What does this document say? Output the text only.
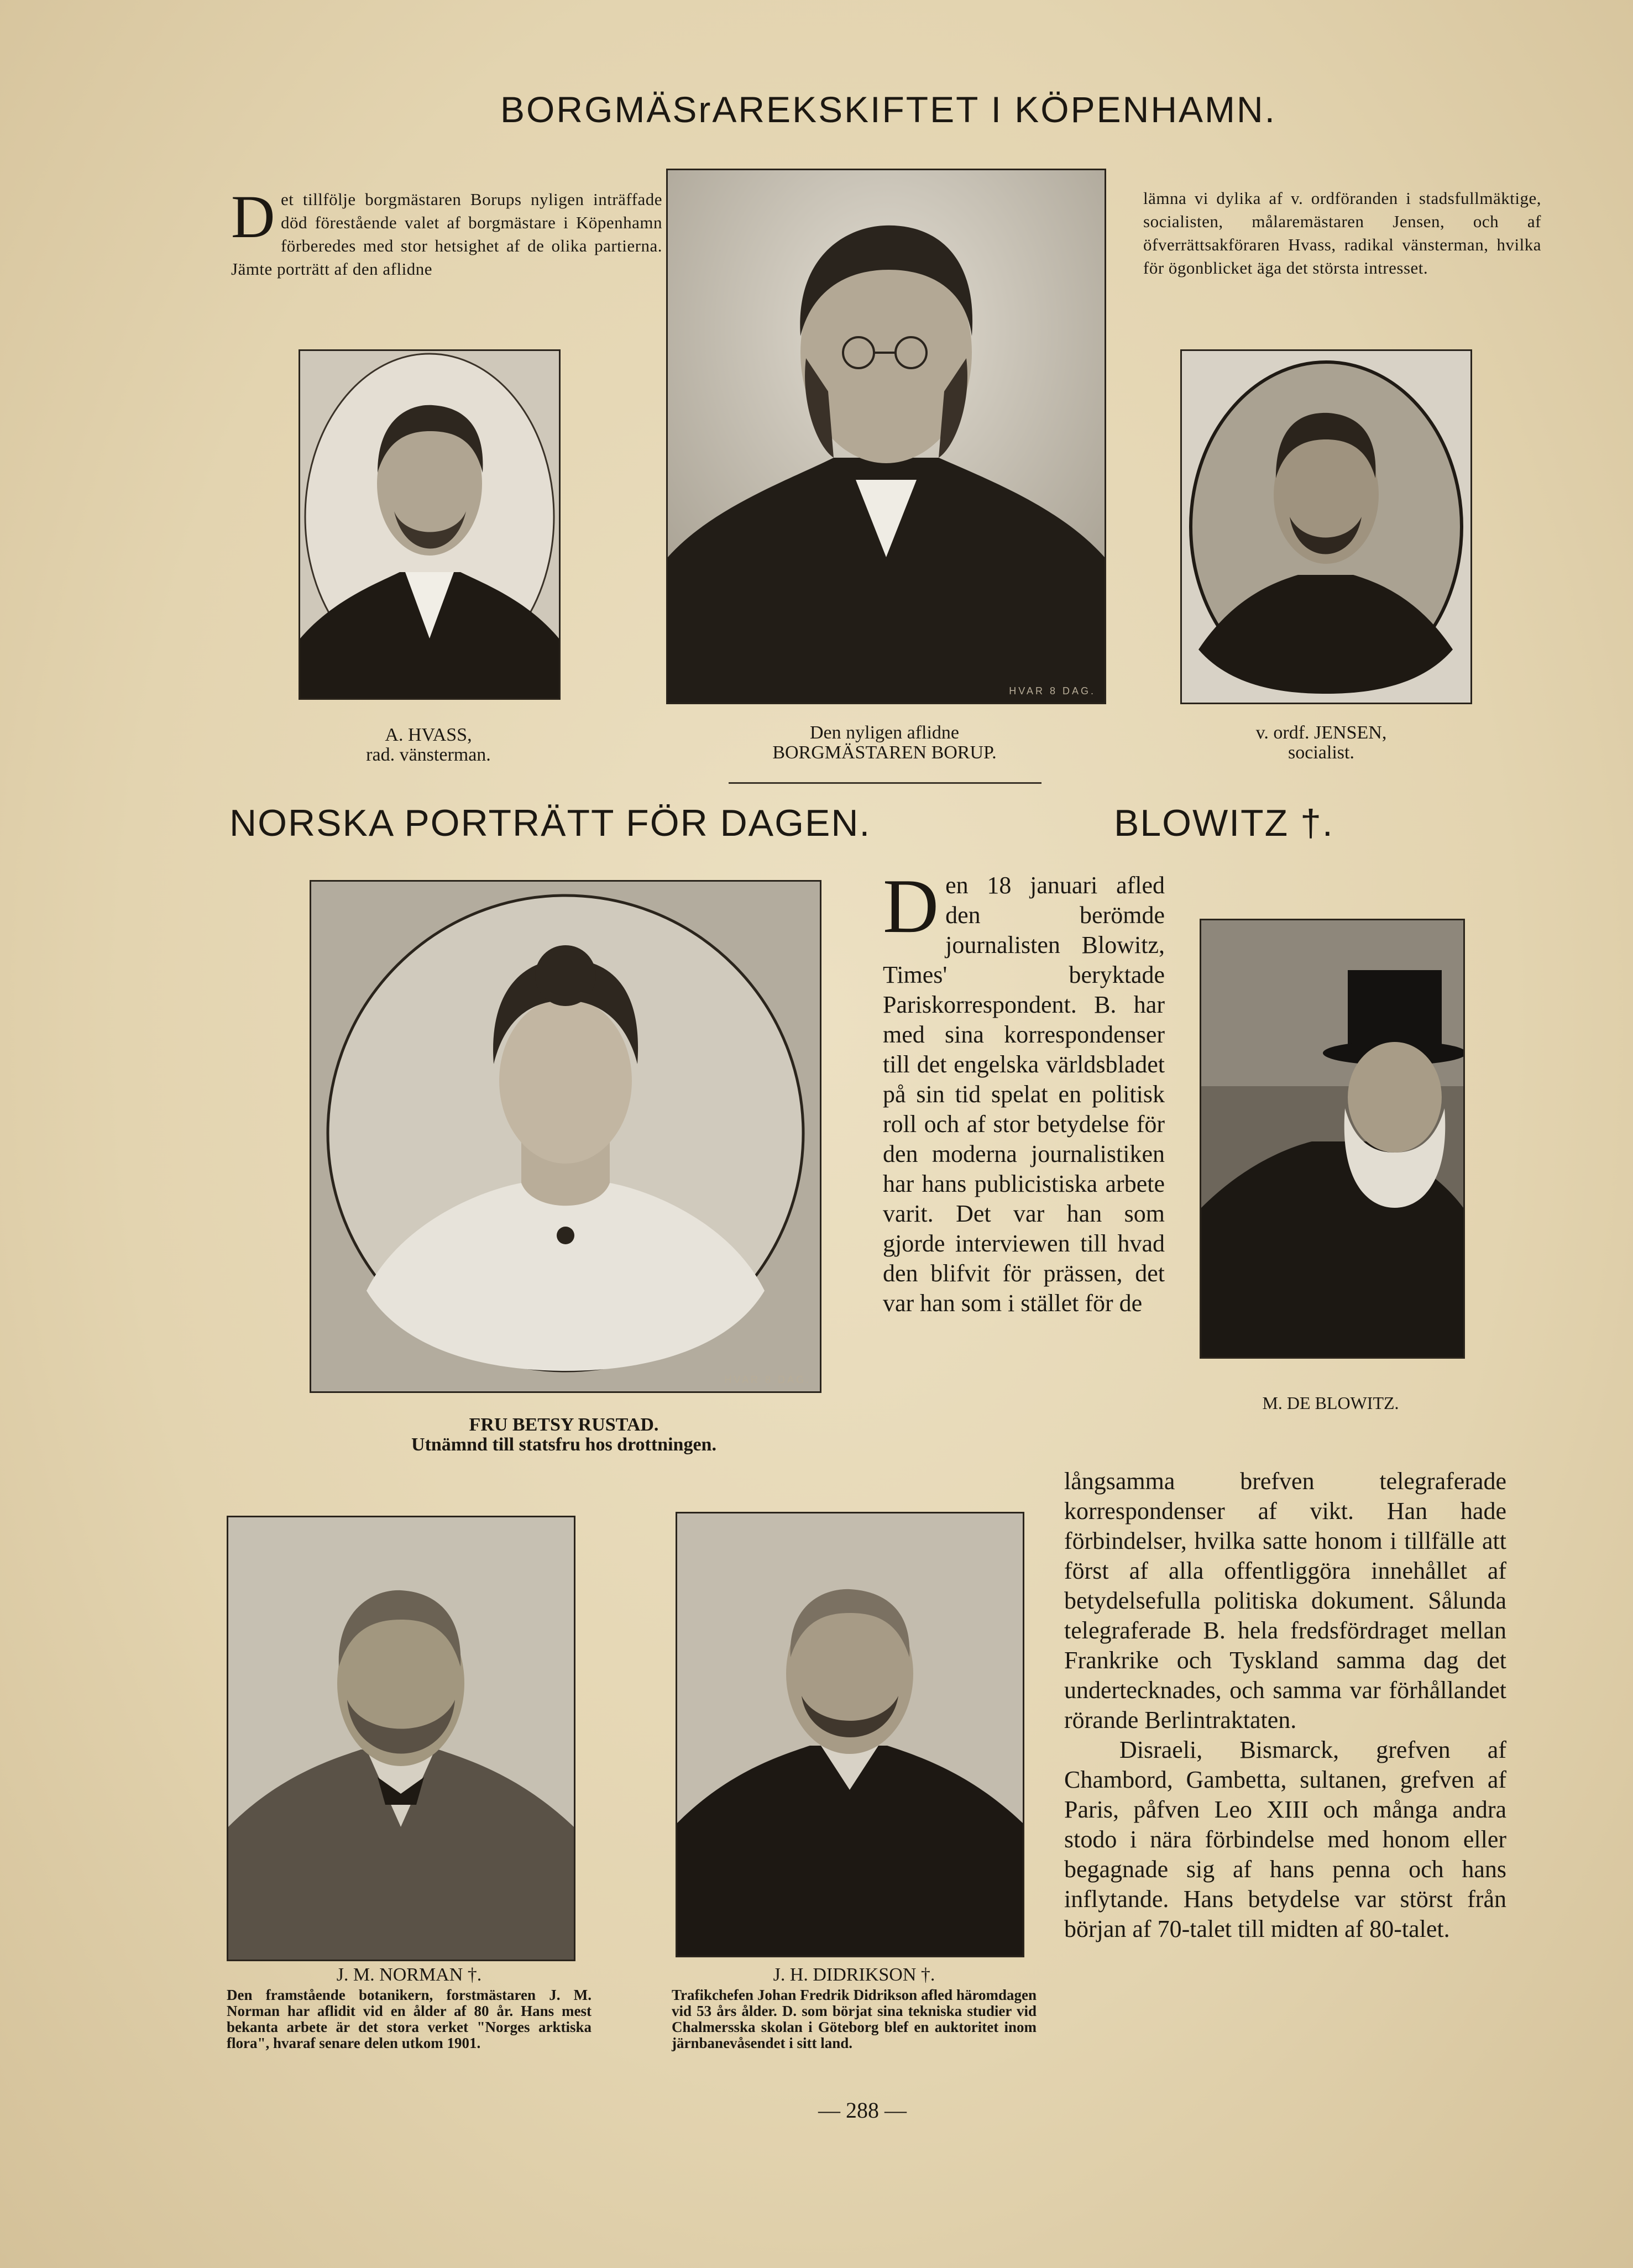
BORGMÄSrAREKSKIFTET I KÖPENHAMN.
D et tillfölje borgmästaren Borups nyligen inträffade död förestående valet af borgmästare i Köpenhamn förberedes med stor hetsighet af de olika partierna. Jämte porträtt af den aflidne
lämna vi dylika af v. ordföranden i stadsfullmäktige, socialisten, målaremästaren Jensen, och af öfverrättsakföraren Hvass, radikal vänsterman, hvilka för ögonblicket äga det största intresset.
HVAR 8 DAG.
A. HVASS,
rad. vänsterman.
Den nyligen aflidne
BORGMÄSTAREN BORUP.
v. ordf. JENSEN,
socialist.
NORSKA PORTRÄTT FÖR DAGEN.	BLOWITZ †.
HVAR 8 DAG.
FRU BETSY RUSTAD.
Utnämnd till statsfru hos drottningen.
D en 18 januari afled den berömde journalisten Blowitz, Times' beryktade Pariskorrespondent. B. har med sina korrespondenser till det engelska världsbladet på sin tid spelat en politisk roll och af stor betydelse för den moderna journalistiken har hans publicistiska arbete varit. Det var han som gjorde interviewen till hvad den blifvit för prässen, det var han som i stället för de
M. DE BLOWITZ.

långsamma brefven telegraferade korrespondenser af vikt. Han hade förbindelser, hvilka satte honom i tillfälle att först af alla offentliggöra innehållet af betydelsefulla politiska dokument. Sålunda telegraferade B. hela fredsfördraget mellan Frankrike och Tyskland samma dag det undertecknades, och samma var förhållandet rörande Berlintraktaten.

Disraeli, Bismarck, grefven af Chambord, Gambetta, sultanen, grefven af Paris, påfven Leo XIII och många andra stodo i nära förbindelse med honom eller begagnade sig af hans penna och hans inflytande. Hans betydelse var störst från början af 70-talet till midten af 80-talet.

J. M. NORMAN †.
Den framstående botanikern, forstmästaren J. M. Norman har aflidit vid en ålder af 80 år. Hans mest bekanta arbete är det stora verket "Norges arktiska flora", hvaraf senare delen utkom 1901.
J. H. DIDRIKSON †.
Trafikchefen Johan Fredrik Didrikson afled häromdagen vid 53 års ålder. D. som börjat sina tekniska studier vid Chalmersska skolan i Göteborg blef en auktoritet inom järnbanevåsendet i sitt land.
— 288 —
